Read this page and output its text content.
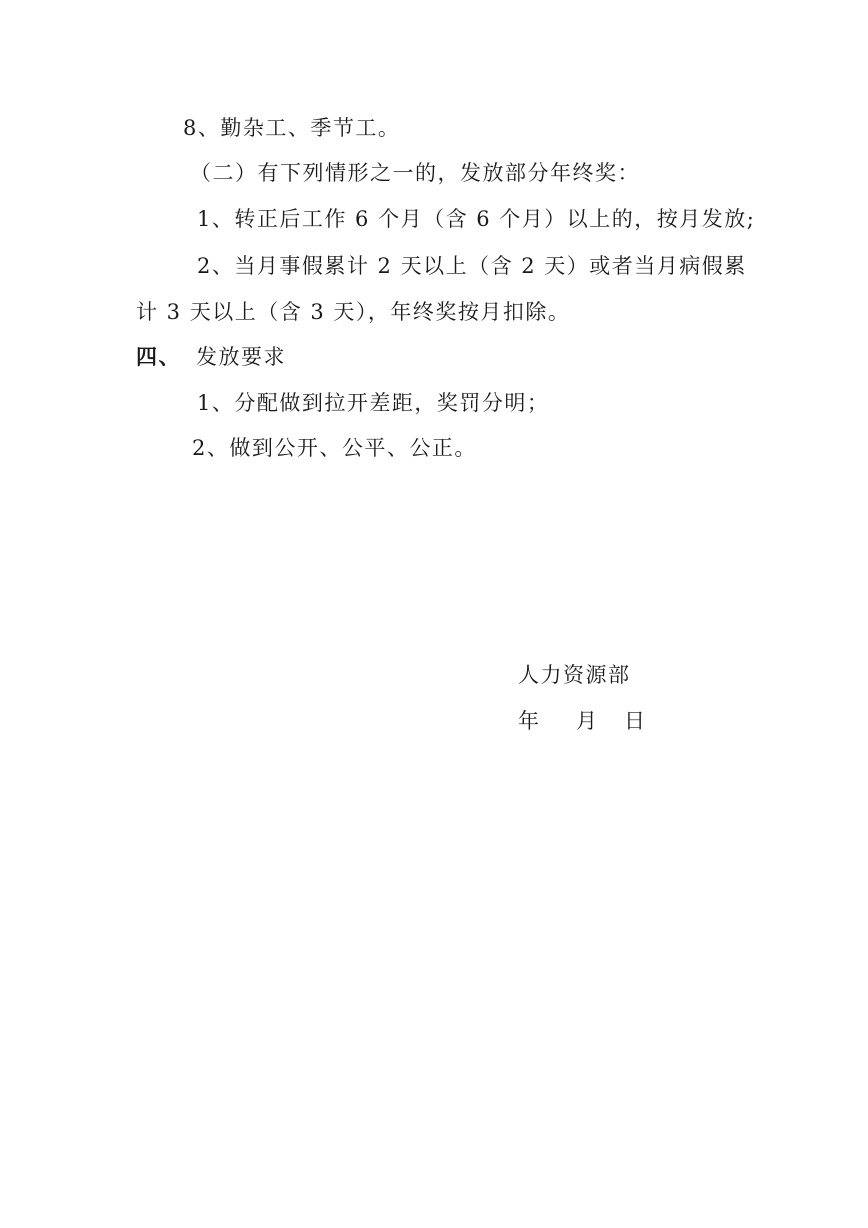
8、勤杂工、季节工。
（二）有下列情形之一的，发放部分年终奖：
1、转正后工作 6 个月（含 6 个月）以上的，按月发放;
2、当月事假累计 2 天以上（含 2 天）或者当月病假累
计 3 天以上（含 3 天），年终奖按月扣除。
四、 发放要求
1、分配做到拉开差距，奖罚分明；
2、做到公开、公平、公正。
人力资源部
年 月 日
